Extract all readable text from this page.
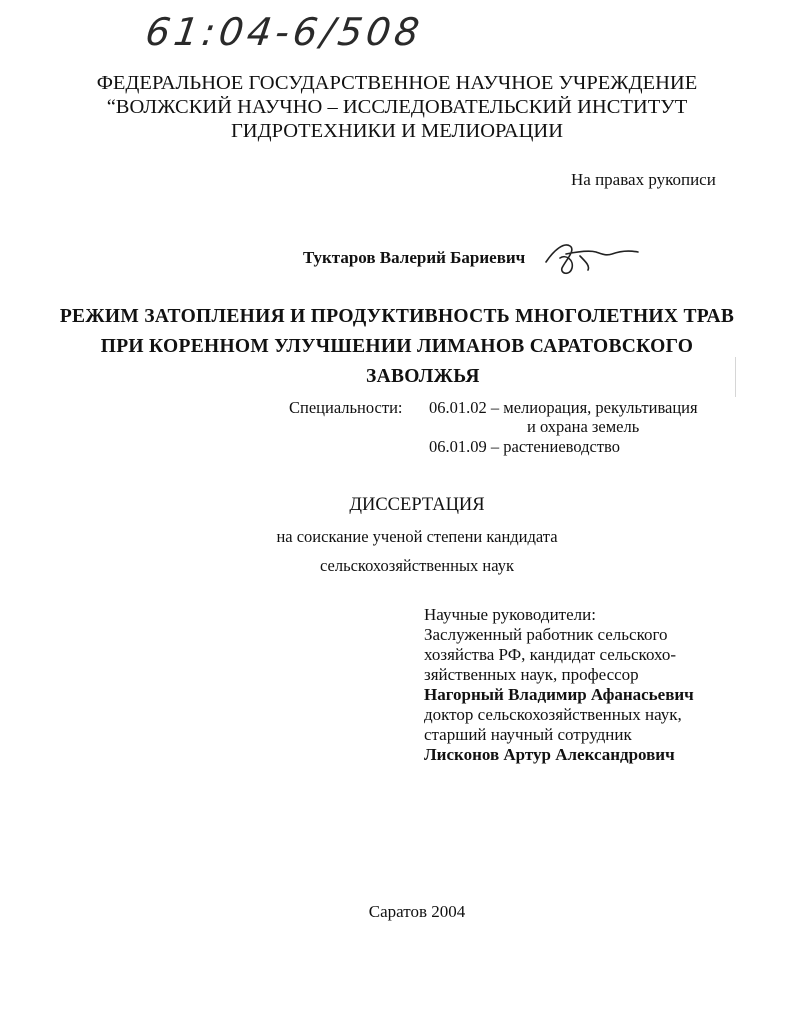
61:04-6/508
ФЕДЕРАЛЬНОЕ ГОСУДАРСТВЕННОЕ НАУЧНОЕ УЧРЕЖДЕНИЕ
“ВОЛЖСКИЙ НАУЧНО – ИССЛЕДОВАТЕЛЬСКИЙ ИНСТИТУТ
ГИДРОТЕХНИКИ И МЕЛИОРАЦИИ
На правах рукописи
Туктаров Валерий Бариевич
РЕЖИМ ЗАТОПЛЕНИЯ И ПРОДУКТИВНОСТЬ МНОГОЛЕТНИХ ТРАВ
ПРИ КОРЕННОМ УЛУЧШЕНИИ ЛИМАНОВ САРАТОВСКОГО
ЗАВОЛЖЬЯ
Специальности: 06.01.02 – мелиорация, рекультивация
и охрана земель
06.01.09 – растениеводство
ДИССЕРТАЦИЯ
на соискание ученой степени кандидата
сельскохозяйственных наук
Научные руководители:
Заслуженный работник сельского
хозяйства РФ, кандидат сельскохо-
зяйственных наук, профессор
Нагорный Владимир Афанасьевич
доктор сельскохозяйственных наук,
старший научный сотрудник
Лисконов Артур Александрович
Саратов 2004
